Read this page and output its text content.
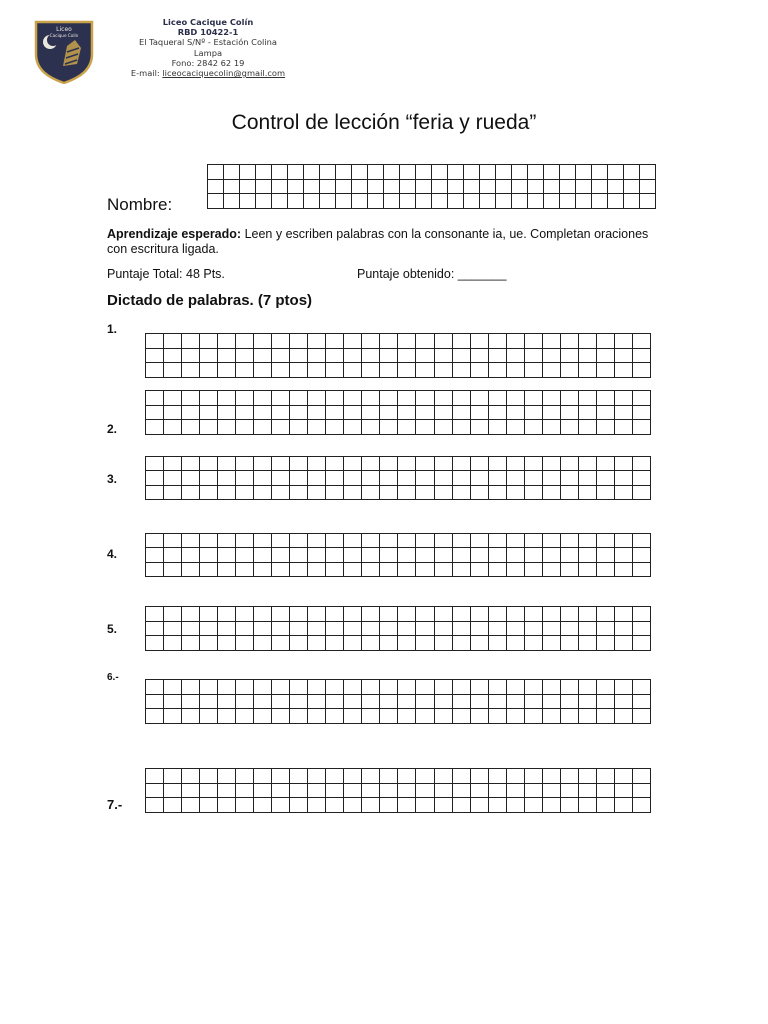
Liceo
Cacique Colín
Liceo Cacique Colín
RBD 10422-1
El Taqueral S/Nº - Estación Colina
Lampa
Fono: 2842 62 19
E-mail: liceocaciquecolin@gmail.com
Control de lección “feria y rueda”
Nombre:

Aprendizaje esperado: Leen y escriben palabras con la consonante ia, ue. Completan oraciones con escritura ligada.
Puntaje Total: 48 Pts.	Puntaje obtenido: _______
Dictado de palabras. (7 ptos)
1.
2.
3.
4.
5.
6.-
7.-
